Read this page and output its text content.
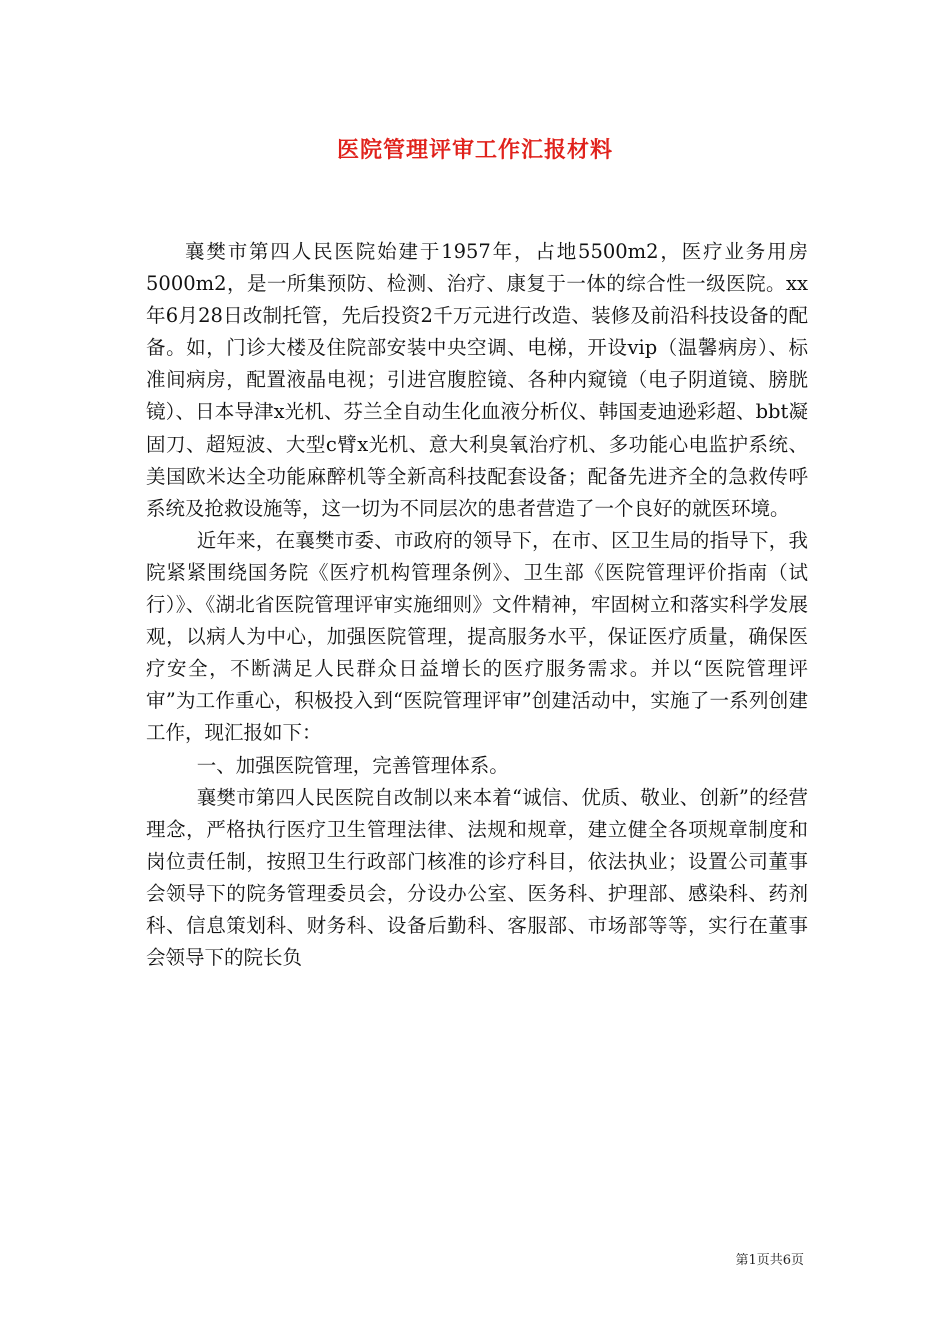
医院管理评审工作汇报材料

襄樊市第四人民医院始建于1957年，占地5500m2，医疗业务用房5000m2，是一所集预防、检测、治疗、康复于一体的综合性一级医院。xx年6月28日改制托管，先后投资2千万元进行改造、装修及前沿科技设备的配备。如，门诊大楼及住院部安装中央空调、电梯，开设vip（温馨病房）、标准间病房，配置液晶电视；引进宫腹腔镜、各种内窥镜（电子阴道镜、膀胱镜）、日本导津x光机、芬兰全自动生化血液分析仪、韩国麦迪逊彩超、bbt凝固刀、超短波、大型c臂x光机、意大利臭氧治疗机、多功能心电监护系统、美国欧米达全功能麻醉机等全新高科技配套设备；配备先进齐全的急救传呼系统及抢救设施等，这一切为不同层次的患者营造了一个良好的就医环境。

近年来，在襄樊市委、市政府的领导下，在市、区卫生局的指导下，我院紧紧围绕国务院《医疗机构管理条例》、卫生部《医院管理评价指南（试行）》、《湖北省医院管理评审实施细则》文件精神，牢固树立和落实科学发展观，以病人为中心，加强医院管理，提高服务水平，保证医疗质量，确保医疗安全，不断满足人民群众日益增长的医疗服务需求。并以“医院管理评审”为工作重心，积极投入到“医院管理评审”创建活动中，实施了一系列创建工作，现汇报如下：

一、加强医院管理，完善管理体系。

襄樊市第四人民医院自改制以来本着“诚信、优质、敬业、创新”的经营理念，严格执行医疗卫生管理法律、法规和规章，建立健全各项规章制度和岗位责任制，按照卫生行政部门核准的诊疗科目，依法执业；设置公司董事会领导下的院务管理委员会，分设办公室、医务科、护理部、感染科、药剂科、信息策划科、财务科、设备后勤科、客服部、市场部等等，实行在董事会领导下的院长负

第1页共6页
